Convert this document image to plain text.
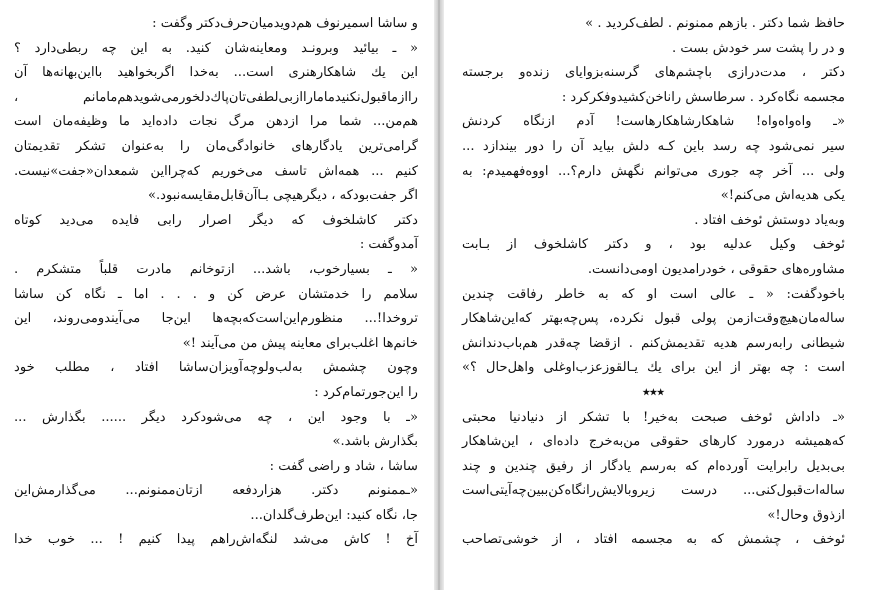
و ساشا اسمیرنوف هم‌دویدمیان‌حرف‌دکتر وگفت :
« ـ بیائید وبرونـد ومعاینه‌شان کنید. به این چه ربطی‌دارد ؟
این یك شاهکارهنری است... به‌خدا اگر‌بخواهید بااین‌بهانه‌ها آن
رااز‌ماقبول‌نکنید‌ما‌مارا‌از‌بی‌لطفی‌تان‌پاك‌دلخور‌می‌شوید‌هم‌مامانم ،
هم‌من... شما مرا ازدهن مرگ نجات داده‌اید ما وظیفه‌مان است
گرامی‌ترین یادگارهای خانوادگی‌مان را به‌عنوان تشکر تقدیمتان
کنیم ... همه‌اش تاسف می‌خوریم که‌چرااین شمعدان«جفت»نیست.
اگر جفت‌بودکه ، دیگر‌هیچی بـا‌آن‌قابل‌مقایسه‌نبود.»
دکتر کاشلخوف که دیگر اصرار رابی فایده می‌دید کوتاه
آمدوگفت :
« ـ بسیارخوب، باشد... ازتوخانم مادرت قلباً متشکرم .
سلامم را خدمتشان عرض کن و . . . اما ـ نگاه کن ساشا
تروخدا!... منظورم‌این‌است‌که‌بچه‌ها این‌جا می‌آیند‌و‌می‌روند‌، این
خانم‌ها اغلب‌برای معاینه پیش من می‌آیند !»
وچون چشمش به‌لب‌ولوچه‌آویزان‌ساشا افتاد ، مطلب خود
را این‌جورتمام‌کرد :
«ـ با وجود این ، چه می‌شودکرد دیگر ...... بگذارش ...
بگذارش باشد.»
ساشا ، شاد و راضی گفت :
«ـممنونم دکتر. هزاردفعه ازتان‌ممنونم... می‌گذارمش‌این
جا، نگاه کنید: این‌طرف‌گلدان...
آخ ! کاش می‌شد لنگه‌اش‌راهم پیدا کنیم ! ... خوب خدا
حافظ شما دکتر . بازهم ممنونم . لطف‌کردید . »
و در را پشت سر خودش بست .
دکتر ، مدت‌درازی باچشم‌های گرسنه‌بزوایای زنده‌و برجسته
مجسمه نگاه‌کرد . سرطاسش راناخن‌کشیدوفکرکرد :
«ـ واه‌واه‌واه! شاهکار‌شاهکار‌هاست! آدم ازنگاه کردنش
سیر نمی‌شود چه رسد باین کـه دلش بیاید آن را دور بیندازد ...
ولی ... آخر چه جوری می‌توانم نگهش دارم؟... اووه‌فهمیدم: به
یکی هدیه‌اش می‌کنم!»
وبه‌یاد دوستش ئوخف افتاد .
ئوخف وکیل عدلیه بود ، و دکتر کاشلخوف از بـابت
مشاوره‌های حقوقی ، خودرا‌مدیون او‌می‌دانست.
باخودگفت: « ـ عالی است او که به خاطر رفاقت چندین
ساله‌مان‌هیچ‌وقت‌ازمن پولی قبول نکرده، پس‌چه‌بهتر که‌این‌شاهکار
شیطانی رابه‌رسم هدیه تقدیمش‌کنم . ازقضا چه‌قدر هم‌باب‌دندانش
است : چه بهتر از این برای یك یـالقوز‌عزب‌اوغلی واهل‌حال ؟»
٭٭٭
«ـ داداش ئوخف صبحت به‌خیر! با تشکر از دنیادنیا محبتی
که‌همیشه درمورد کارهای حقوقی من‌به‌خرج داده‌ای ، این‌شاهکار
بی‌بدیل رابرایت آورده‌ام که به‌رسم یادگار از رفیق چندین و چند
ساله‌ات‌قبول‌کنی... درست زیروبالایش‌رانگاه‌کن‌ببین‌چه‌آیتی‌است
ازذوق وحال!»
ئوخف ، چشمش که به مجسمه افتاد ، از خوشی‌تصاحب
